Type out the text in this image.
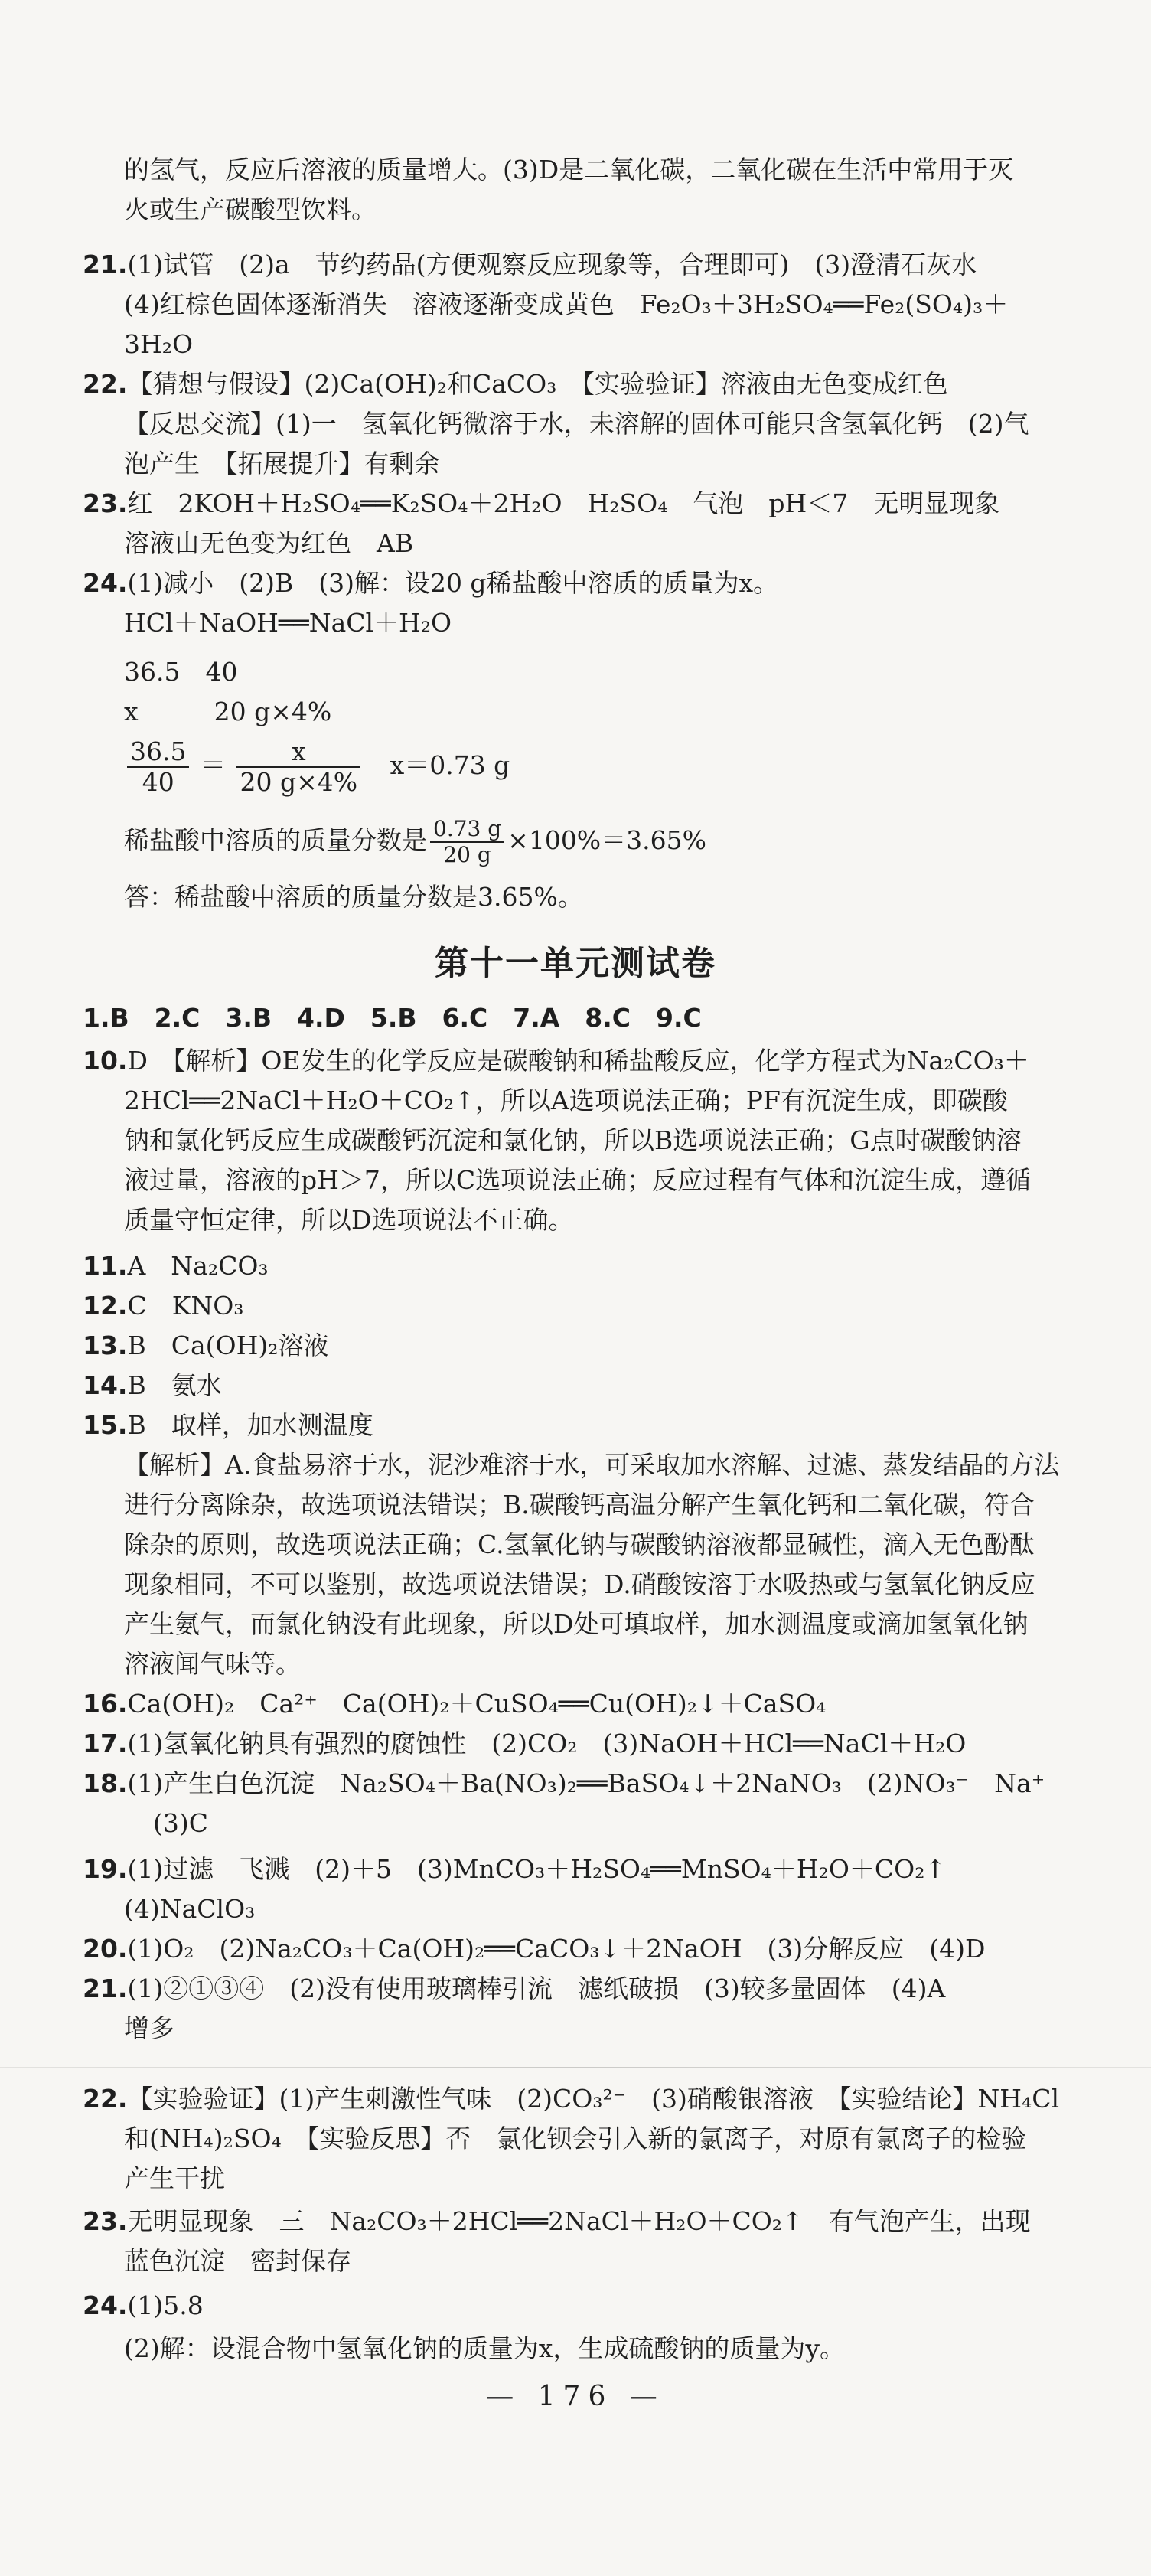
的氢气，反应后溶液的质量增大。(3)D是二氧化碳，二氧化碳在生活中常用于灭
火或生产碳酸型饮料。
21.(1)试管　(2)a　节约药品(方便观察反应现象等，合理即可)　(3)澄清石灰水
(4)红棕色固体逐渐消失　溶液逐渐变成黄色　Fe₂O₃＋3H₂SO₄══Fe₂(SO₄)₃＋
3H₂O
22.【猜想与假设】(2)Ca(OH)₂和CaCO₃　【实验验证】溶液由无色变成红色
【反思交流】(1)一　氢氧化钙微溶于水，未溶解的固体可能只含氢氧化钙　(2)气
泡产生　【拓展提升】有剩余
23.红　2KOH＋H₂SO₄══K₂SO₄＋2H₂O　H₂SO₄　气泡　pH＜7　无明显现象
溶液由无色变为红色　AB
24.(1)减小　(2)B　(3)解：设20 g稀盐酸中溶质的质量为x。
HCl＋NaOH══NaCl＋H₂O
36.5　40
x　　　20 g×4%
$\frac{36.5}{40} = \frac{x}{20 g\times 4\%} x=0.73$ g
稀盐酸中溶质的质量分数是 $\frac{0.73 g}{20 g} \times 100\%=3.65\%$
答：稀盐酸中溶质的质量分数是3.65%。
第十一单元测试卷
1.B　2.C　3.B　4.D　5.B　6.C　7.A　8.C　9.C
10.D　【解析】OE发生的化学反应是碳酸钠和稀盐酸反应，化学方程式为Na₂CO₃＋
2HCl══2NaCl＋H₂O＋CO₂↑，所以A选项说法正确；PF有沉淀生成，即碳酸
钠和氯化钙反应生成碳酸钙沉淀和氯化钠，所以B选项说法正确；G点时碳酸钠溶
液过量，溶液的pH＞7，所以C选项说法正确；反应过程有气体和沉淀生成，遵循
质量守恒定律，所以D选项说法不正确。
11.A　Na₂CO₃
12.C　KNO₃
13.B　Ca(OH)₂溶液
14.B　氨水
15.B　取样，加水测温度
【解析】A.食盐易溶于水，泥沙难溶于水，可采取加水溶解、过滤、蒸发结晶的方法
进行分离除杂，故选项说法错误；B.碳酸钙高温分解产生氧化钙和二氧化碳，符合
除杂的原则，故选项说法正确；C.氢氧化钠与碳酸钠溶液都显碱性，滴入无色酚酞
现象相同，不可以鉴别，故选项说法错误；D.硝酸铵溶于水吸热或与氢氧化钠反应
产生氨气，而氯化钠没有此现象，所以D处可填取样，加水测温度或滴加氢氧化钠
溶液闻气味等。
16.Ca(OH)₂　Ca²⁺　Ca(OH)₂＋CuSO₄══Cu(OH)₂↓＋CaSO₄
17.(1)氢氧化钠具有强烈的腐蚀性　(2)CO₂　(3)NaOH＋HCl══NaCl＋H₂O
18.(1)产生白色沉淀　Na₂SO₄＋Ba(NO₃)₂══BaSO₄↓＋2NaNO₃　(2)NO₃⁻　Na⁺
(3)C
19.(1)过滤　飞溅　(2)＋5　(3)MnCO₃＋H₂SO₄══MnSO₄＋H₂O＋CO₂↑
(4)NaClO₃
20.(1)O₂　(2)Na₂CO₃＋Ca(OH)₂══CaCO₃↓＋2NaOH　(3)分解反应　(4)D
21.(1)②①③④　(2)没有使用玻璃棒引流　滤纸破损　(3)较多量固体　(4)A
增多
22.【实验验证】(1)产生刺激性气味　(2)CO₃²⁻　(3)硝酸银溶液　【实验结论】NH₄Cl
和(NH₄)₂SO₄　【实验反思】否　氯化钡会引入新的氯离子，对原有氯离子的检验
产生干扰
23.无明显现象　三　Na₂CO₃＋2HCl══2NaCl＋H₂O＋CO₂↑　有气泡产生，出现
蓝色沉淀　密封保存
24.(1)5.8
(2)解：设混合物中氢氧化钠的质量为x，生成硫酸钠的质量为y。
— 176 —
